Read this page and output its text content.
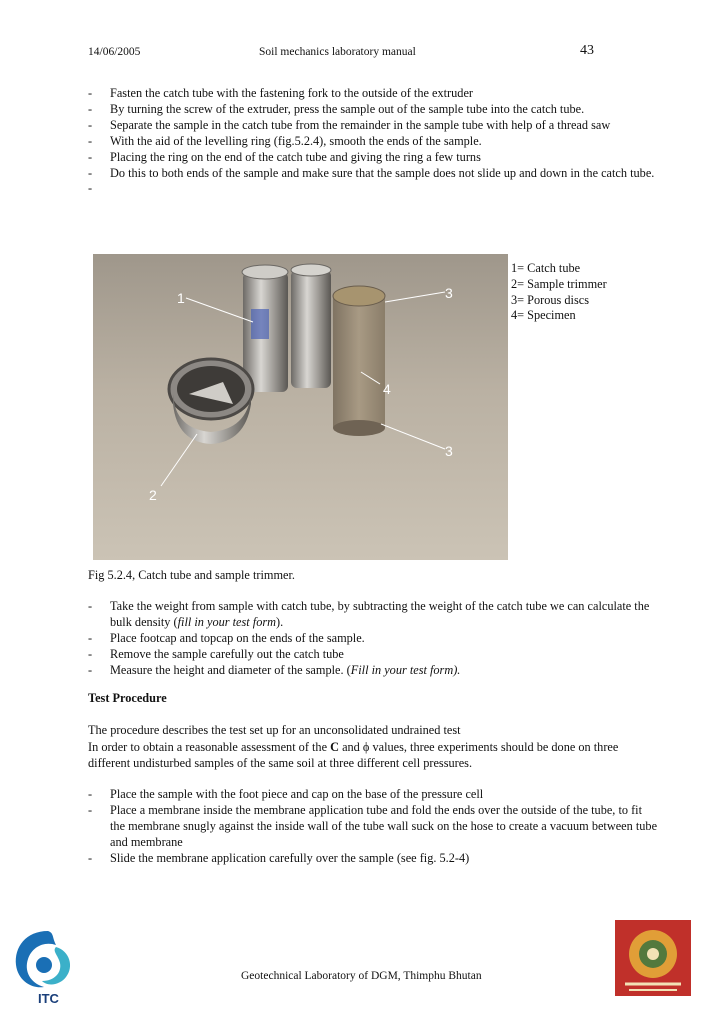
14/06/2005	Soil mechanics laboratory manual	43
- Fasten the catch tube with the fastening fork to the outside of the extruder
- By turning the screw of the extruder, press the sample out of the sample tube into the catch tube.
- Separate the sample in the catch tube from the remainder in the sample tube with help of a thread saw
- With the aid of the levelling ring (fig.5.2.4), smooth the ends of the sample.
- Placing the ring on the end of the catch tube and giving the ring a few turns
- Do this to both ends of the sample and make sure that the sample does not slide up and down in the catch tube.
-
1
2
3
4
3
1= Catch tube
2= Sample trimmer
3= Porous discs
4= Specimen
Fig 5.2.4, Catch tube and sample trimmer.
- Take the weight from sample with catch tube, by subtracting the weight of the catch tube we can calculate the bulk density (fill in your test form).
- Place footcap and topcap on the ends of the sample.
- Remove the sample carefully out the catch tube
- Measure the height and diameter of the sample. (Fill in your test form).
Test Procedure

The procedure describes the test set up for an unconsolidated undrained test
In order to obtain a reasonable assessment of the C and ϕ values, three experiments should be done on three different undisturbed samples of the same soil at three different cell pressures.

- Place the sample with the foot piece and cap on the base of the pressure cell
- Place a membrane inside the membrane application tube and fold the ends over the outside of the tube, to fit the membrane snugly against the inside wall of the tube wall suck on the hose to create a vacuum between tube and membrane
- Slide the membrane application carefully over the sample (see fig. 5.2-4)
ITC
Geotechnical Laboratory of DGM, Thimphu Bhutan
